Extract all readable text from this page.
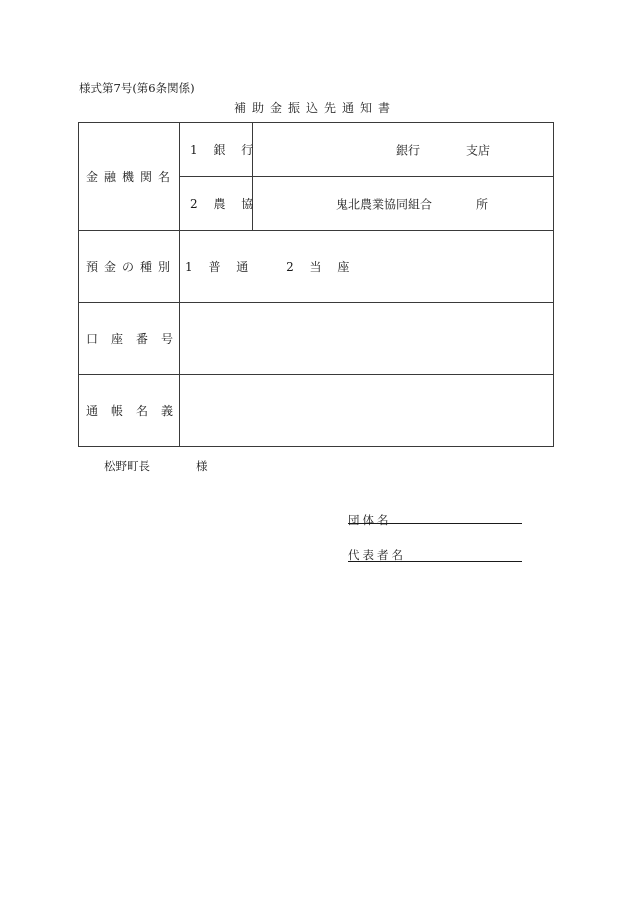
様式第7号(第6条関係)
補助金振込先通知書
金融機関名	1 銀 行	銀行 支店

	2 農 協	鬼北農業協同組合 所

預金の種別	1 普 通 2 当 座	
口座番号		
通帳名義		
松野町長	様
団体名
代表者名
